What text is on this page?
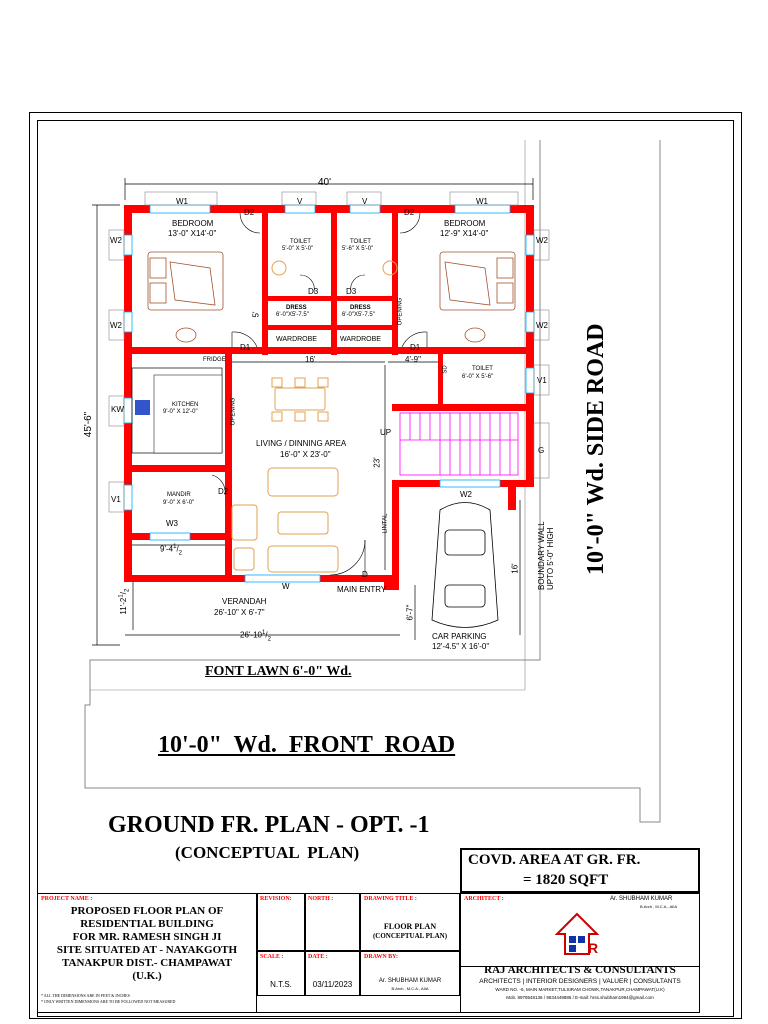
40'
45'-6"
BEDROOM
13'-0" X14'-0"
BEDROOM
12'-9" X14'-0"
TOILET
5'-0" X 5'-0"
TOILET
5'-6" X 5'-0"
TOILET
6'-0" X 5'-6"
DRESS
6'-0"X5'-7.5"
DRESS
6'-0"X5'-7.5"
WARDROBE	WARDROBE
KITCHEN
9'-0" X 12'-0"
LIVING / DINNING AREA
16'-0" X 23'-0"
MANDIR
9'-0" X 6'-0"
VERANDAH
26'-10" X 6'-7"
CAR PARKING
12'-4.5" X 16'-0"
MAIN ENTRY
W1	W1
V	V
D2	D2
W2
W2
W2
W2
D3	D3
D1	D1
KW
V1
V1
G
W3
W2
W
D
D2
UP
FRIDGE
OPENING
OPENING
LINTAL
SD
16'	4'-9"
23'
5'
16'
6'-7"
$9'-4^1/_2$
$11'-2^1/_2$
$26'-10^1/_2$
BOUNDARY WALL UPTO 5'-0" HIGH 10'-0" Wd. SIDE ROAD
FONT LAWN 6'-0" Wd.
10'-0"  Wd.  FRONT  ROAD
GROUND FR. PLAN - OPT. -1
(CONCEPTUAL  PLAN)	COVD. AREA AT GR. FR.
= 1820 SQFT
PROJECT NAME :
PROPOSED FLOOR PLAN OF
RESIDENTIAL BUILDING
FOR MR. RAMESH SINGH JI
SITE SITUATED AT - NAYAKGOTH
TANAKPUR DIST.- CHAMPAWAT
(U.K.)
* ALL THE DIMENSIONS ARE IN FEET & INCHES
* ONLY WRITTEN DIMENSIONS ARE TO BE FOLLOWED NOT MEASURED
REVISION:	NORTH :	DRAWING TITLE :
FLOOR PLAN
(CONCEPTUAL PLAN)
SCALE :
N.T.S.
DATE :
03/11/2023
DRAWN BY:
Ar. SHUBHAM KUMAR
B.Arch , M.C.A., AIIA
ARCHITECT :	Ar. SHUBHAM KUMAR
B.Arch , M.C.A., AIIA
R
RAJ ARCHITECTS & CONSULTANTS
ARCHITECTS | INTERIOR DESIGNERS | VALUER | CONSULTANTS
WARD NO. -6, MAIN MARKET,TULSIRAM CHOWK,TANAKPUR,CHAMPAWAT(U.K)
Mob. 8979548136 / 9634449886 / E-mail: hrss.shubham1994@gmail.com
